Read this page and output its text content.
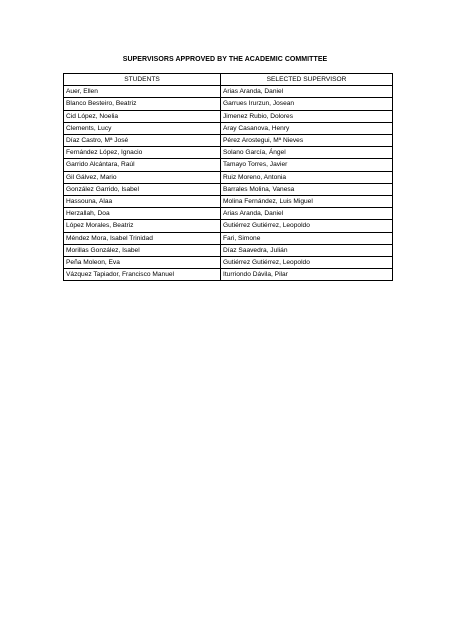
SUPERVISORS APPROVED BY THE ACADEMIC COMMITTEE
STUDENTS	SELECTED SUPERVISOR
Auer, Ellen	Arias Aranda, Daniel
Blanco Besteiro, Beatriz	Garrues Irurzun, Josean
Cid López, Noelia	Jimenez Rubio, Dolores
Clements, Lucy	Aray Casanova, Henry
Díaz Castro, Mª José	Pérez Arostegui, Mª Nieves
Fernández López, Ignacio	Solano García, Ángel
Garrido Alcántara, Raúl	Tamayo Torres, Javier
Gil Gálvez, Mario	Ruiz Moreno, Antonia
González Garrido, Isabel	Barrales Molina, Vanesa
Hassouna, Alaa	Molina Fernández, Luis Miguel
Herzallah, Doa	Arias Aranda, Daniel
López Morales, Beatriz	Gutiérrez Gutiérrez, Leopoldo
Méndez Mora, Isabel Trinidad	Fari, Simone
Morillas González, Isabel	Díaz Saavedra, Julián
Peña Moleon, Eva	Gutiérrez Gutiérrez, Leopoldo
Vázquez Tapiador, Francisco Manuel	Iturriondo Dávila, Pilar
